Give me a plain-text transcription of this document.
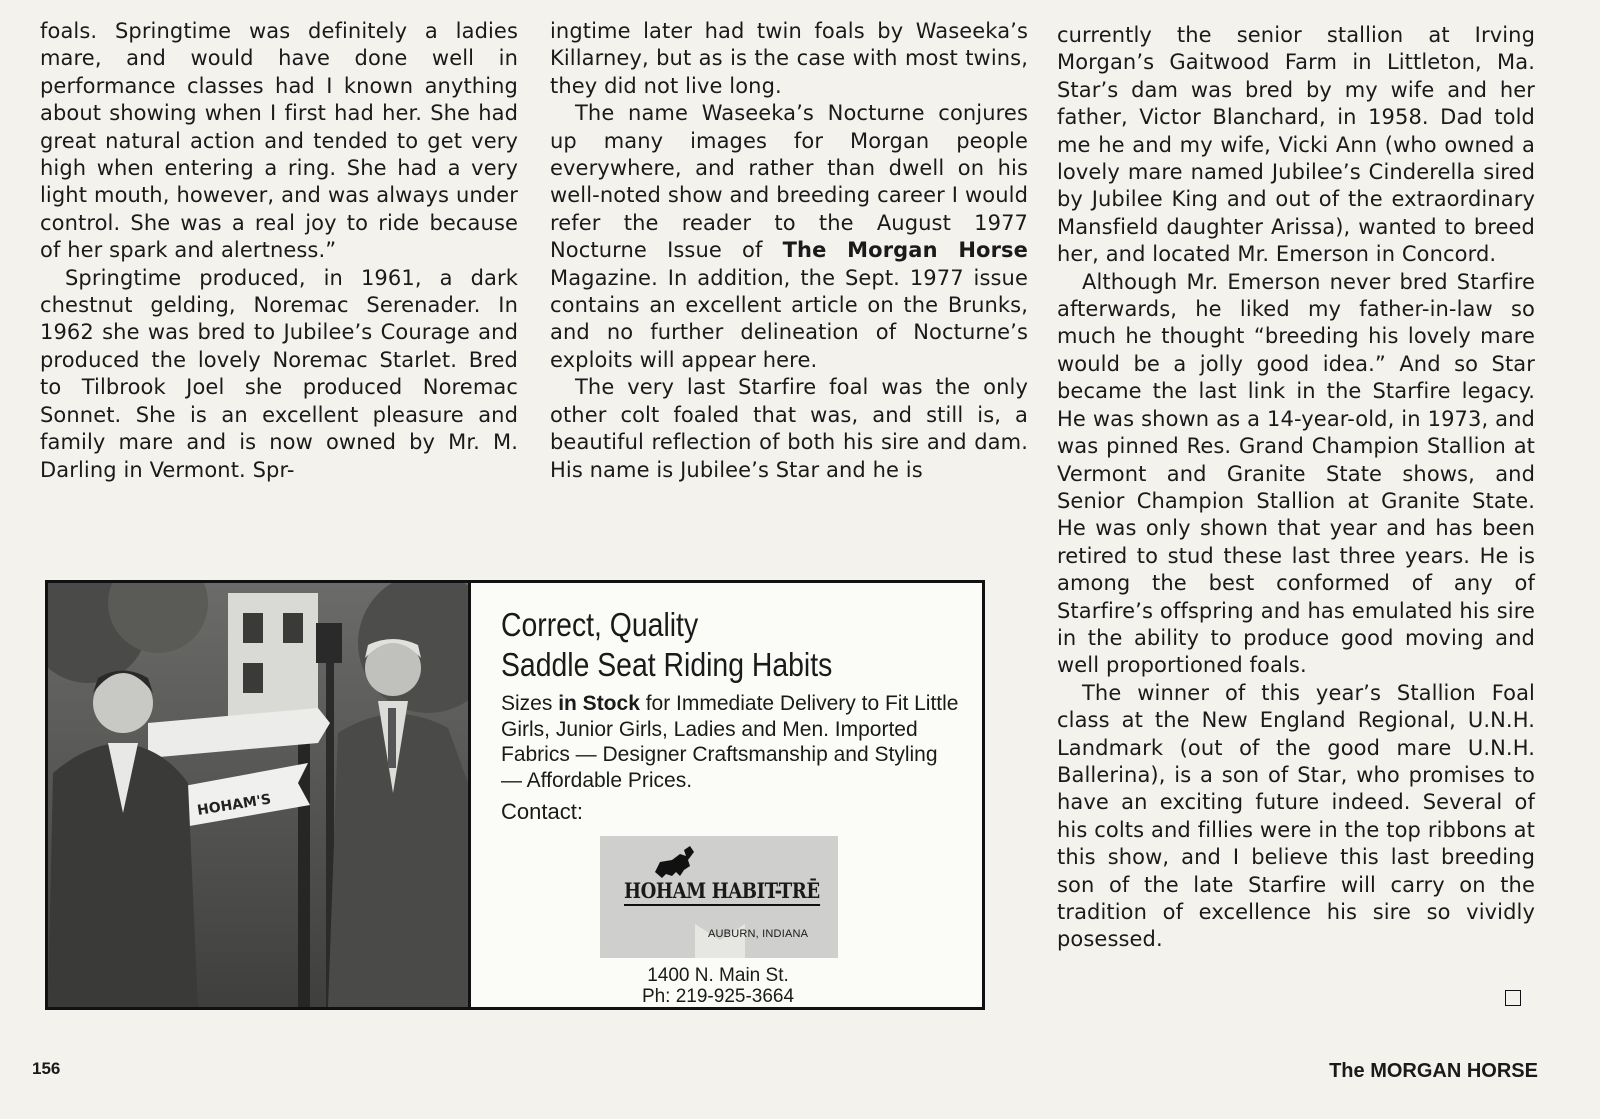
foals. Springtime was definitely a ladies mare, and would have done well in performance classes had I known anything about showing when I first had her. She had great natural action and tended to get very high when entering a ring. She had a very light mouth, however, and was always under control. She was a real joy to ride because of her spark and alertness.”

Springtime produced, in 1961, a dark chestnut gelding, Noremac Serenader. In 1962 she was bred to Jubilee’s Courage and produced the lovely Noremac Starlet. Bred to Tilbrook Joel she produced Noremac Sonnet. She is an excellent pleasure and family mare and is now owned by Mr. M. Darling in Vermont. Spr-

ingtime later had twin foals by Waseeka’s Killarney, but as is the case with most twins, they did not live long.

The name Waseeka’s Nocturne conjures up many images for Morgan people everywhere, and rather than dwell on his well-noted show and breeding career I would refer the reader to the August 1977 Nocturne Issue of The Morgan Horse Magazine. In addition, the Sept. 1977 issue contains an excellent article on the Brunks, and no further delineation of Nocturne’s exploits will appear here.

The very last Starfire foal was the only other colt foaled that was, and still is, a beautiful reflection of both his sire and dam. His name is Jubilee’s Star and he is

currently the senior stallion at Irving Morgan’s Gaitwood Farm in Littleton, Ma. Star’s dam was bred by my wife and her father, Victor Blanchard, in 1958. Dad told me he and my wife, Vicki Ann (who owned a lovely mare named Jubilee’s Cinderella sired by Jubilee King and out of the extraordinary Mansfield daughter Arissa), wanted to breed her, and located Mr. Emerson in Concord.

Although Mr. Emerson never bred Starfire afterwards, he liked my father-in-law so much he thought “breeding his lovely mare would be a jolly good idea.” And so Star became the last link in the Starfire legacy. He was shown as a 14-year-old, in 1973, and was pinned Res. Grand Champion Stallion at Vermont and Granite State shows, and Senior Champion Stallion at Granite State. He was only shown that year and has been retired to stud these last three years. He is among the best conformed of any of Starfire’s offspring and has emulated his sire in the ability to produce good moving and well proportioned foals.

The winner of this year’s Stallion Foal class at the New England Regional, U.N.H. Landmark (out of the good mare U.N.H. Ballerina), is a son of Star, who promises to have an exciting future indeed. Several of his colts and fillies were in the top ribbons at this show, and I believe this last breeding son of the late Starfire will carry on the tradition of excellence his sire so vividly posessed.

HOHAM'S
Correct, Quality
Saddle Seat Riding Habits
Sizes in Stock for Immediate Delivery to Fit Little Girls, Junior Girls, Ladies and Men. Imported Fabrics — Designer Craftsmanship and Styling — Affordable Prices.
Contact:
HOHAM HABIT-TRĒ
AUBURN, INDIANA
1400 N. Main St.
Ph: 219-925-3664
156	The MORGAN HORSE
